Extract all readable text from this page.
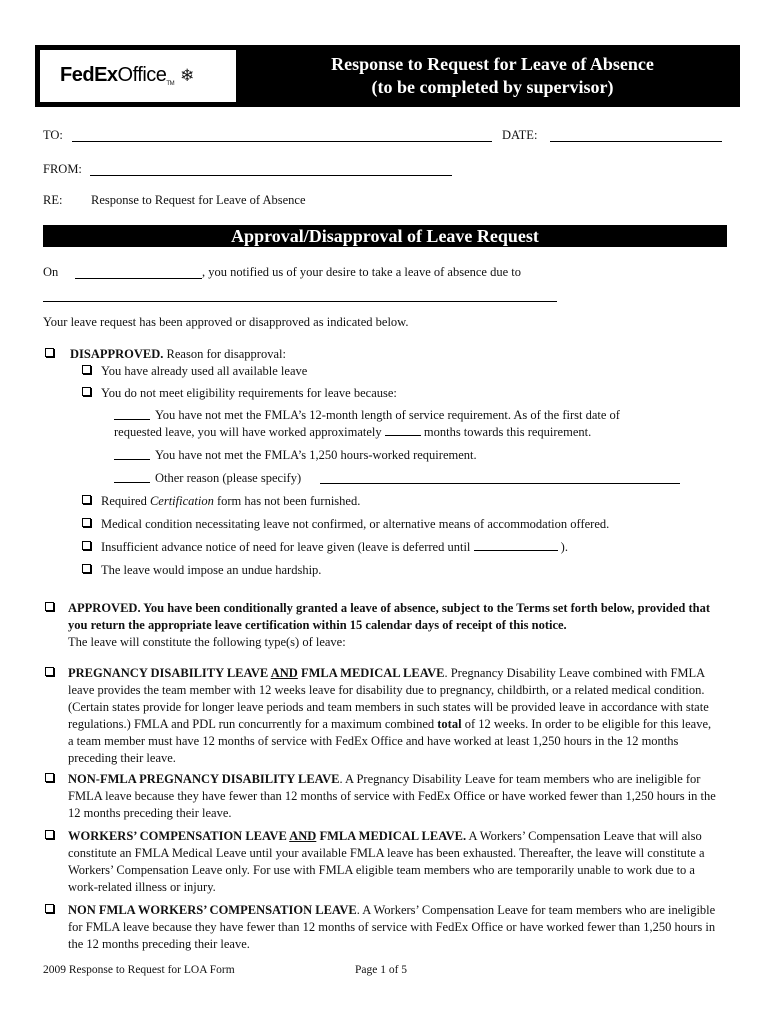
FedExOfficeTM ❄
Response to Request for Leave of Absence
(to be completed by supervisor)
TO:	DATE:
FROM:
RE: Response to Request for Leave of Absence
Approval/Disapproval of Leave Request
On	, you notified us of your desire to take a leave of absence due to
Your leave request has been approved or disapproved as indicated below.
DISAPPROVED. Reason for disapproval:
You have already used all available leave
You do not meet eligibility requirements for leave because:
You have not met the FMLA’s 12-month length of service requirement. As of the first date of
requested leave, you will have worked approximately	months towards this requirement.
You have not met the FMLA’s 1,250 hours-worked requirement.
Other reason (please specify)
Required Certification form has not been furnished.
Medical condition necessitating leave not confirmed, or alternative means of accommodation offered.
Insufficient advance notice of need for leave given (leave is deferred until	).
The leave would impose an undue hardship.
APPROVED. You have been conditionally granted a leave of absence, subject to the Terms set forth below, provided that you return the appropriate leave certification within 15 calendar days of receipt of this notice.
The leave will constitute the following type(s) of leave:
PREGNANCY DISABILITY LEAVE AND FMLA MEDICAL LEAVE. Pregnancy Disability Leave combined with FMLA leave provides the team member with 12 weeks leave for disability due to pregnancy, childbirth, or a related medical condition. (Certain states provide for longer leave periods and team members in such states will be provided leave in accordance with state regulations.) FMLA and PDL run concurrently for a maximum combined total of 12 weeks. In order to be eligible for this leave, a team member must have 12 months of service with FedEx Office and have worked at least 1,250 hours in the 12 months preceding their leave.
NON-FMLA PREGNANCY DISABILITY LEAVE. A Pregnancy Disability Leave for team members who are ineligible for FMLA leave because they have fewer than 12 months of service with FedEx Office or have worked fewer than 1,250 hours in the 12 months preceding their leave.
WORKERS’ COMPENSATION LEAVE AND FMLA MEDICAL LEAVE. A Workers’ Compensation Leave that will also constitute an FMLA Medical Leave until your available FMLA leave has been exhausted. Thereafter, the leave will constitute a Workers’ Compensation Leave only. For use with FMLA eligible team members who are temporarily unable to work due to a work-related illness or injury.
NON FMLA WORKERS’ COMPENSATION LEAVE. A Workers’ Compensation Leave for team members who are ineligible for FMLA leave because they have fewer than 12 months of service with FedEx Office or have worked fewer than 1,250 hours in the 12 months preceding their leave.
2009 Response to Request for LOA Form	Page 1 of 5
